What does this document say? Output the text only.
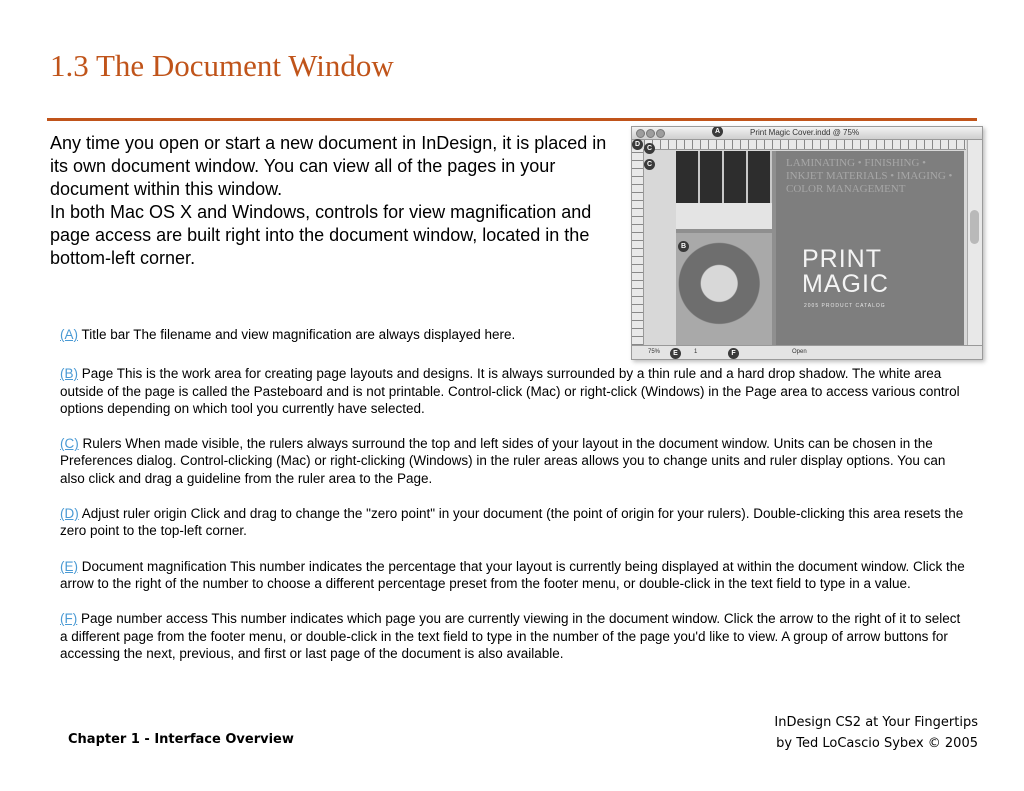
1.3 The Document Window

Any time you open or start a new document in InDesign, it is placed in its own document window. You can view all of the pages in your document within this window.

In both Mac OS X and Windows, controls for view magnification and page access are built right into the document window, located in the bottom-left corner.

Print Magic Cover.indd @ 75%
LAMINATING • FINISHING • INKJET MATERIALS • IMAGING • COLOR MANAGEMENT
PRINT
MAGIC
2005 PRODUCT CATALOG
75%	1	Open
A
B
C
C
D
E	F

(A) Title bar The filename and view magnification are always displayed here.

(B) Page This is the work area for creating page layouts and designs. It is always surrounded by a thin rule and a hard drop shadow. The white area outside of the page is called the Pasteboard and is not printable. Control-click (Mac) or right-click (Windows) in the Page area to access various control options depending on which tool you currently have selected.

(C) Rulers When made visible, the rulers always surround the top and left sides of your layout in the document window. Units can be chosen in the Preferences dialog. Control-clicking (Mac) or right-clicking (Windows) in the ruler areas allows you to change units and ruler display options. You can also click and drag a guideline from the ruler area to the Page.

(D) Adjust ruler origin Click and drag to change the "zero point" in your document (the point of origin for your rulers). Double-clicking this area resets the zero point to the top-left corner.

(E) Document magnification This number indicates the percentage that your layout is currently being displayed at within the document window. Click the arrow to the right of the number to choose a different percentage preset from the footer menu, or double-click in the text field to type in a value.

(F) Page number access This number indicates which page you are currently viewing in the document window. Click the arrow to the right of it to select a different page from the footer menu, or double-click in the text field to type in the number of the page you'd like to view. A group of arrow buttons for accessing the next, previous, and first or last page of the document is also available.

Chapter 1 - Interface Overview
InDesign CS2 at Your Fingertips
by Ted LoCascio Sybex © 2005
